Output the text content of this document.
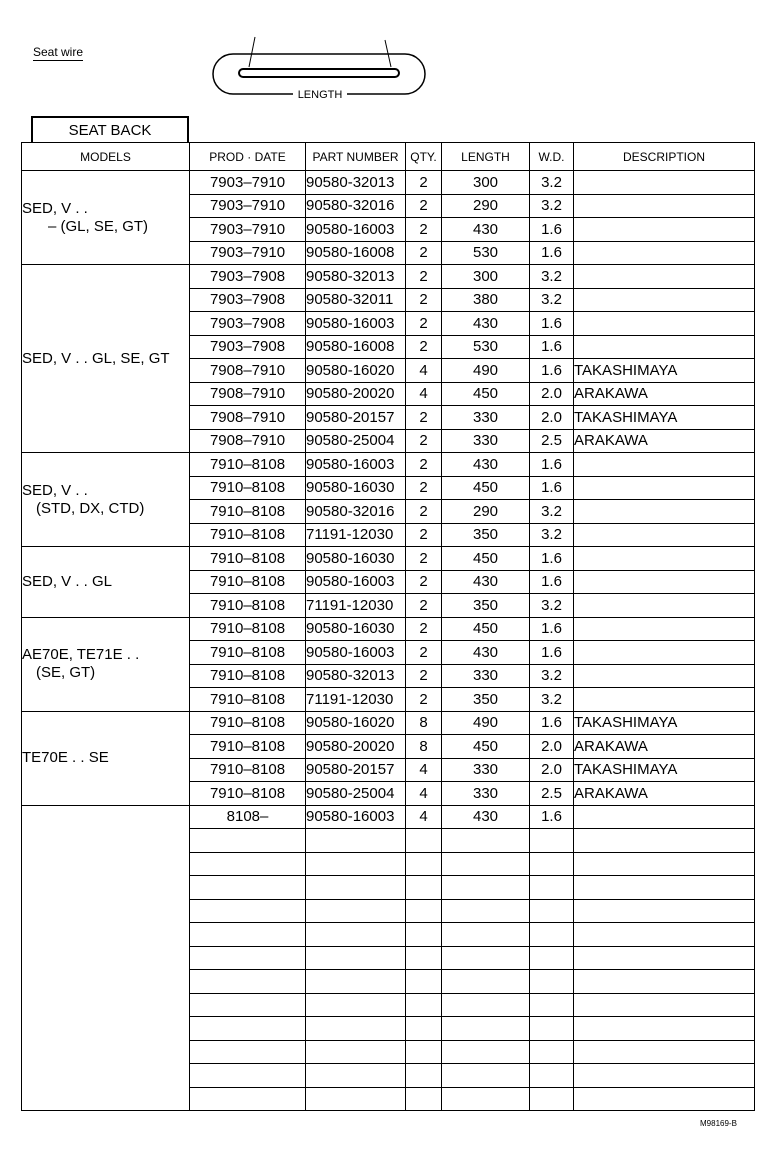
Seat wire
LENGTH
SEAT BACK
MODELS	PROD · DATE	PART NUMBER	QTY.	LENGTH	W.D.	DESCRIPTION

SED, V . .
– (GL, SE, GT)	7903–7910	90580-32013	2	300	3.2	
	7903–7910	90580-32016	2	290	3.2	
	7903–7910	90580-16003	2	430	1.6	
	7903–7910	90580-16008	2	530	1.6	

SED, V . . GL, SE, GT	7903–7908	90580-32013	2	300	3.2	
	7903–7908	90580-32011	2	380	3.2	
	7903–7908	90580-16003	2	430	1.6	
	7903–7908	90580-16008	2	530	1.6	
	7908–7910	90580-16020	4	490	1.6	TAKASHIMAYA
	7908–7910	90580-20020	4	450	2.0	ARAKAWA
	7908–7910	90580-20157	2	330	2.0	TAKASHIMAYA
	7908–7910	90580-25004	2	330	2.5	ARAKAWA

SED, V . .
(STD, DX, CTD)	7910–8108	90580-16003	2	430	1.6	
	7910–8108	90580-16030	2	450	1.6	
	7910–8108	90580-32016	2	290	3.2	
	7910–8108	71191-12030	2	350	3.2	

SED, V . . GL	7910–8108	90580-16030	2	450	1.6	
	7910–8108	90580-16003	2	430	1.6	
	7910–8108	71191-12030	2	350	3.2	

AE70E, TE71E . .
(SE, GT)	7910–8108	90580-16030	2	450	1.6	
	7910–8108	90580-16003	2	430	1.6	
	7910–8108	90580-32013	2	330	3.2	
	7910–8108	71191-12030	2	350	3.2	

TE70E . . SE	7910–8108	90580-16020	8	490	1.6	TAKASHIMAYA
	7910–8108	90580-20020	8	450	2.0	ARAKAWA
	7910–8108	90580-20157	4	330	2.0	TAKASHIMAYA
	7910–8108	90580-25004	4	330	2.5	ARAKAWA
	8108–	90580-16003	4	430	1.6	

M98169-B
